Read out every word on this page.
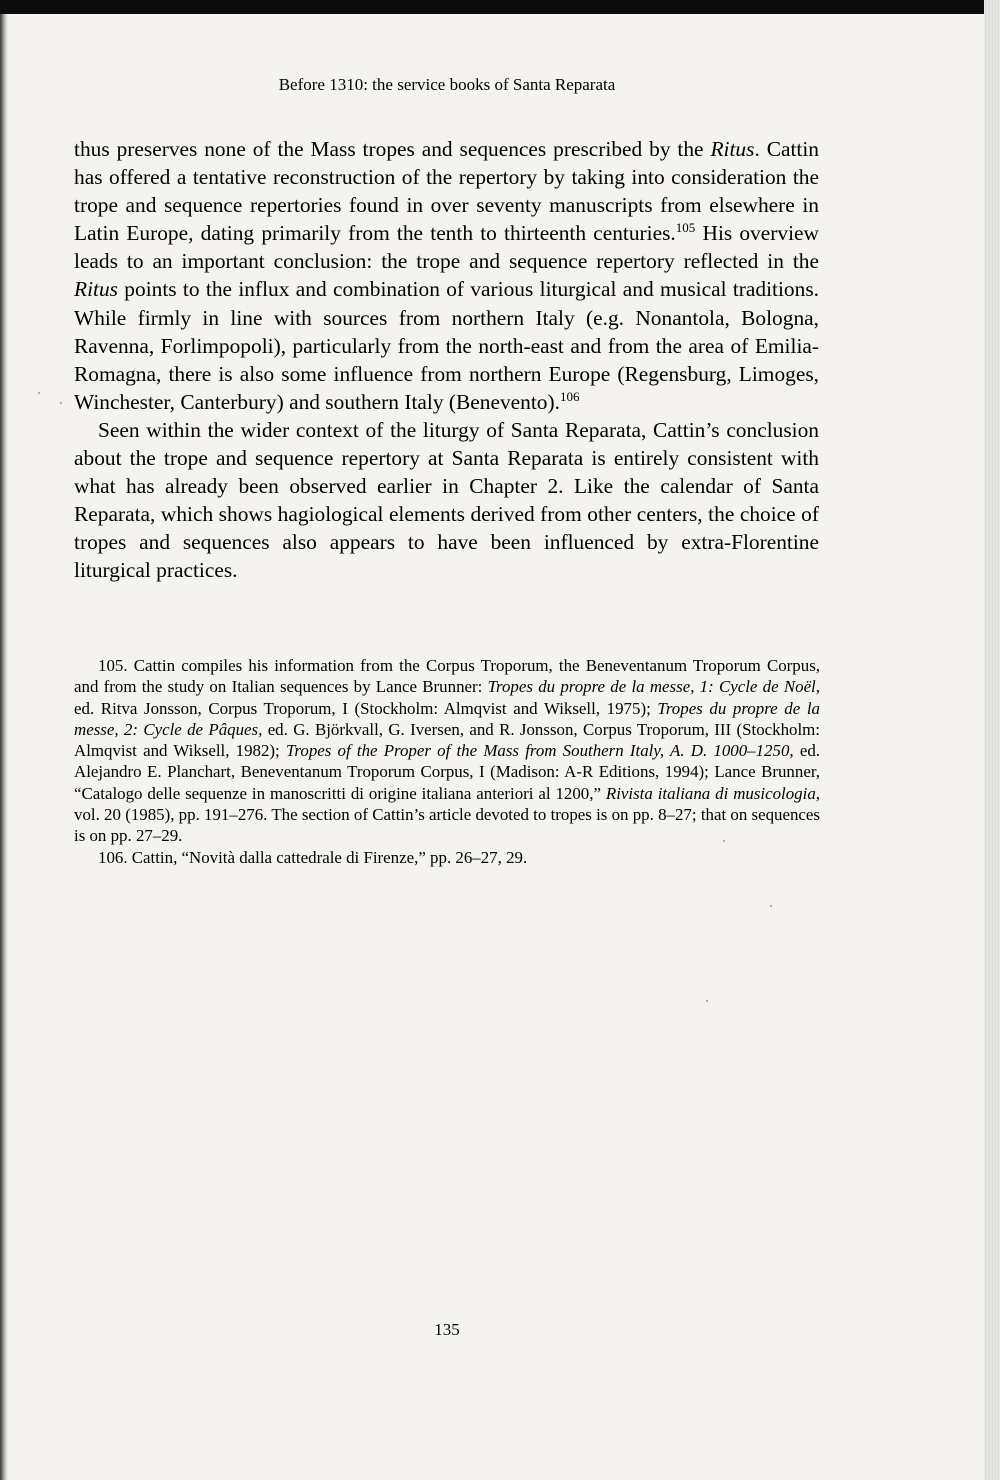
Before 1310: the service books of Santa Reparata

thus preserves none of the Mass tropes and sequences prescribed by the Ritus. Cattin has offered a tentative reconstruction of the repertory by taking into consideration the trope and sequence repertories found in over seventy manuscripts from elsewhere in Latin Europe, dating primarily from the tenth to thirteenth centuries.$^{105}$ His overview leads to an important conclusion: the trope and sequence repertory reflected in the Ritus points to the influx and combination of various liturgical and musical traditions. While firmly in line with sources from northern Italy (e.g. Nonantola, Bologna, Ravenna, Forlimpopoli), particularly from the north-east and from the area of Emilia-Romagna, there is also some influence from northern Europe (Regensburg, Limoges, Winchester, Canterbury) and southern Italy (Benevento).$^{106}$

Seen within the wider context of the liturgy of Santa Reparata, Cattin’s conclusion about the trope and sequence repertory at Santa Reparata is entirely consistent with what has already been observed earlier in Chapter 2. Like the calendar of Santa Reparata, which shows hagiological elements derived from other centers, the choice of tropes and sequences also appears to have been influenced by extra-Florentine liturgical practices.

105. Cattin compiles his information from the Corpus Troporum, the Beneventanum Troporum Corpus, and from the study on Italian sequences by Lance Brunner: Tropes du propre de la messe, 1: Cycle de Noël, ed. Ritva Jonsson, Corpus Troporum, I (Stockholm: Almqvist and Wiksell, 1975); Tropes du propre de la messe, 2: Cycle de Pâques, ed. G. Björkvall, G. Iversen, and R. Jonsson, Corpus Troporum, III (Stockholm: Almqvist and Wiksell, 1982); Tropes of the Proper of the Mass from Southern Italy, A. D. 1000–1250, ed. Alejandro E. Planchart, Beneventanum Troporum Corpus, I (Madison: A-R Editions, 1994); Lance Brunner, “Catalogo delle sequenze in manoscritti di origine italiana anteriori al 1200,” Rivista italiana di musicologia, vol. 20 (1985), pp. 191–276. The section of Cattin’s article devoted to tropes is on pp. 8–27; that on sequences is on pp. 27–29.

106. Cattin, “Novità dalla cattedrale di Firenze,” pp. 26–27, 29.

135
